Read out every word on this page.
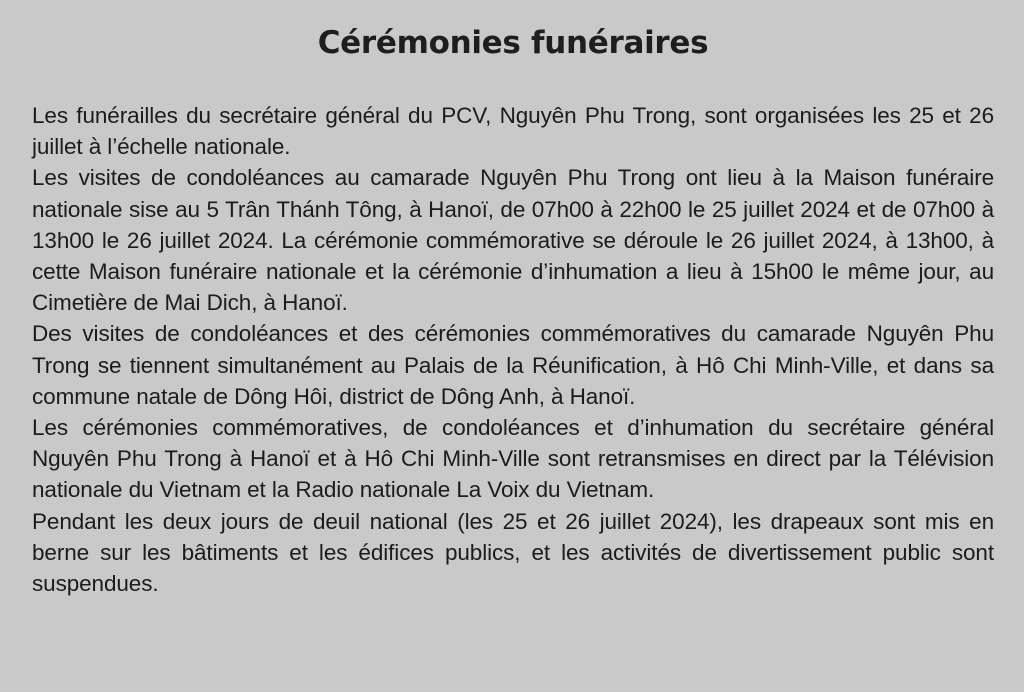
Cérémonies funéraires

Les funérailles du secrétaire général du PCV, Nguyên Phu Trong, sont organisées les 25 et 26 juillet à l’échelle nationale.

Les visites de condoléances au camarade Nguyên Phu Trong ont lieu à la Maison funéraire nationale sise au 5 Trân Thánh Tông, à Hanoï, de 07h00 à 22h00 le 25 juillet 2024 et de 07h00 à 13h00 le 26 juillet 2024. La cérémonie commémorative se déroule le 26 juillet 2024, à 13h00, à cette Maison funéraire nationale et la cérémonie d’inhumation a lieu à 15h00 le même jour, au Cimetière de Mai Dich, à Hanoï.

Des visites de condoléances et des cérémonies commémoratives du camarade Nguyên Phu Trong se tiennent simultanément au Palais de la Réunification, à Hô Chi Minh-Ville, et dans sa commune natale de Dông Hôi, district de Dông Anh, à Hanoï.

Les cérémonies commémoratives, de condoléances et d’inhumation du secrétaire général Nguyên Phu Trong à Hanoï et à Hô Chi Minh-Ville sont retransmises en direct par la Télévision nationale du Vietnam et la Radio nationale La Voix du Vietnam.

Pendant les deux jours de deuil national (les 25 et 26 juillet 2024), les drapeaux sont mis en berne sur les bâtiments et les édifices publics, et les activités de divertissement public sont suspendues.
